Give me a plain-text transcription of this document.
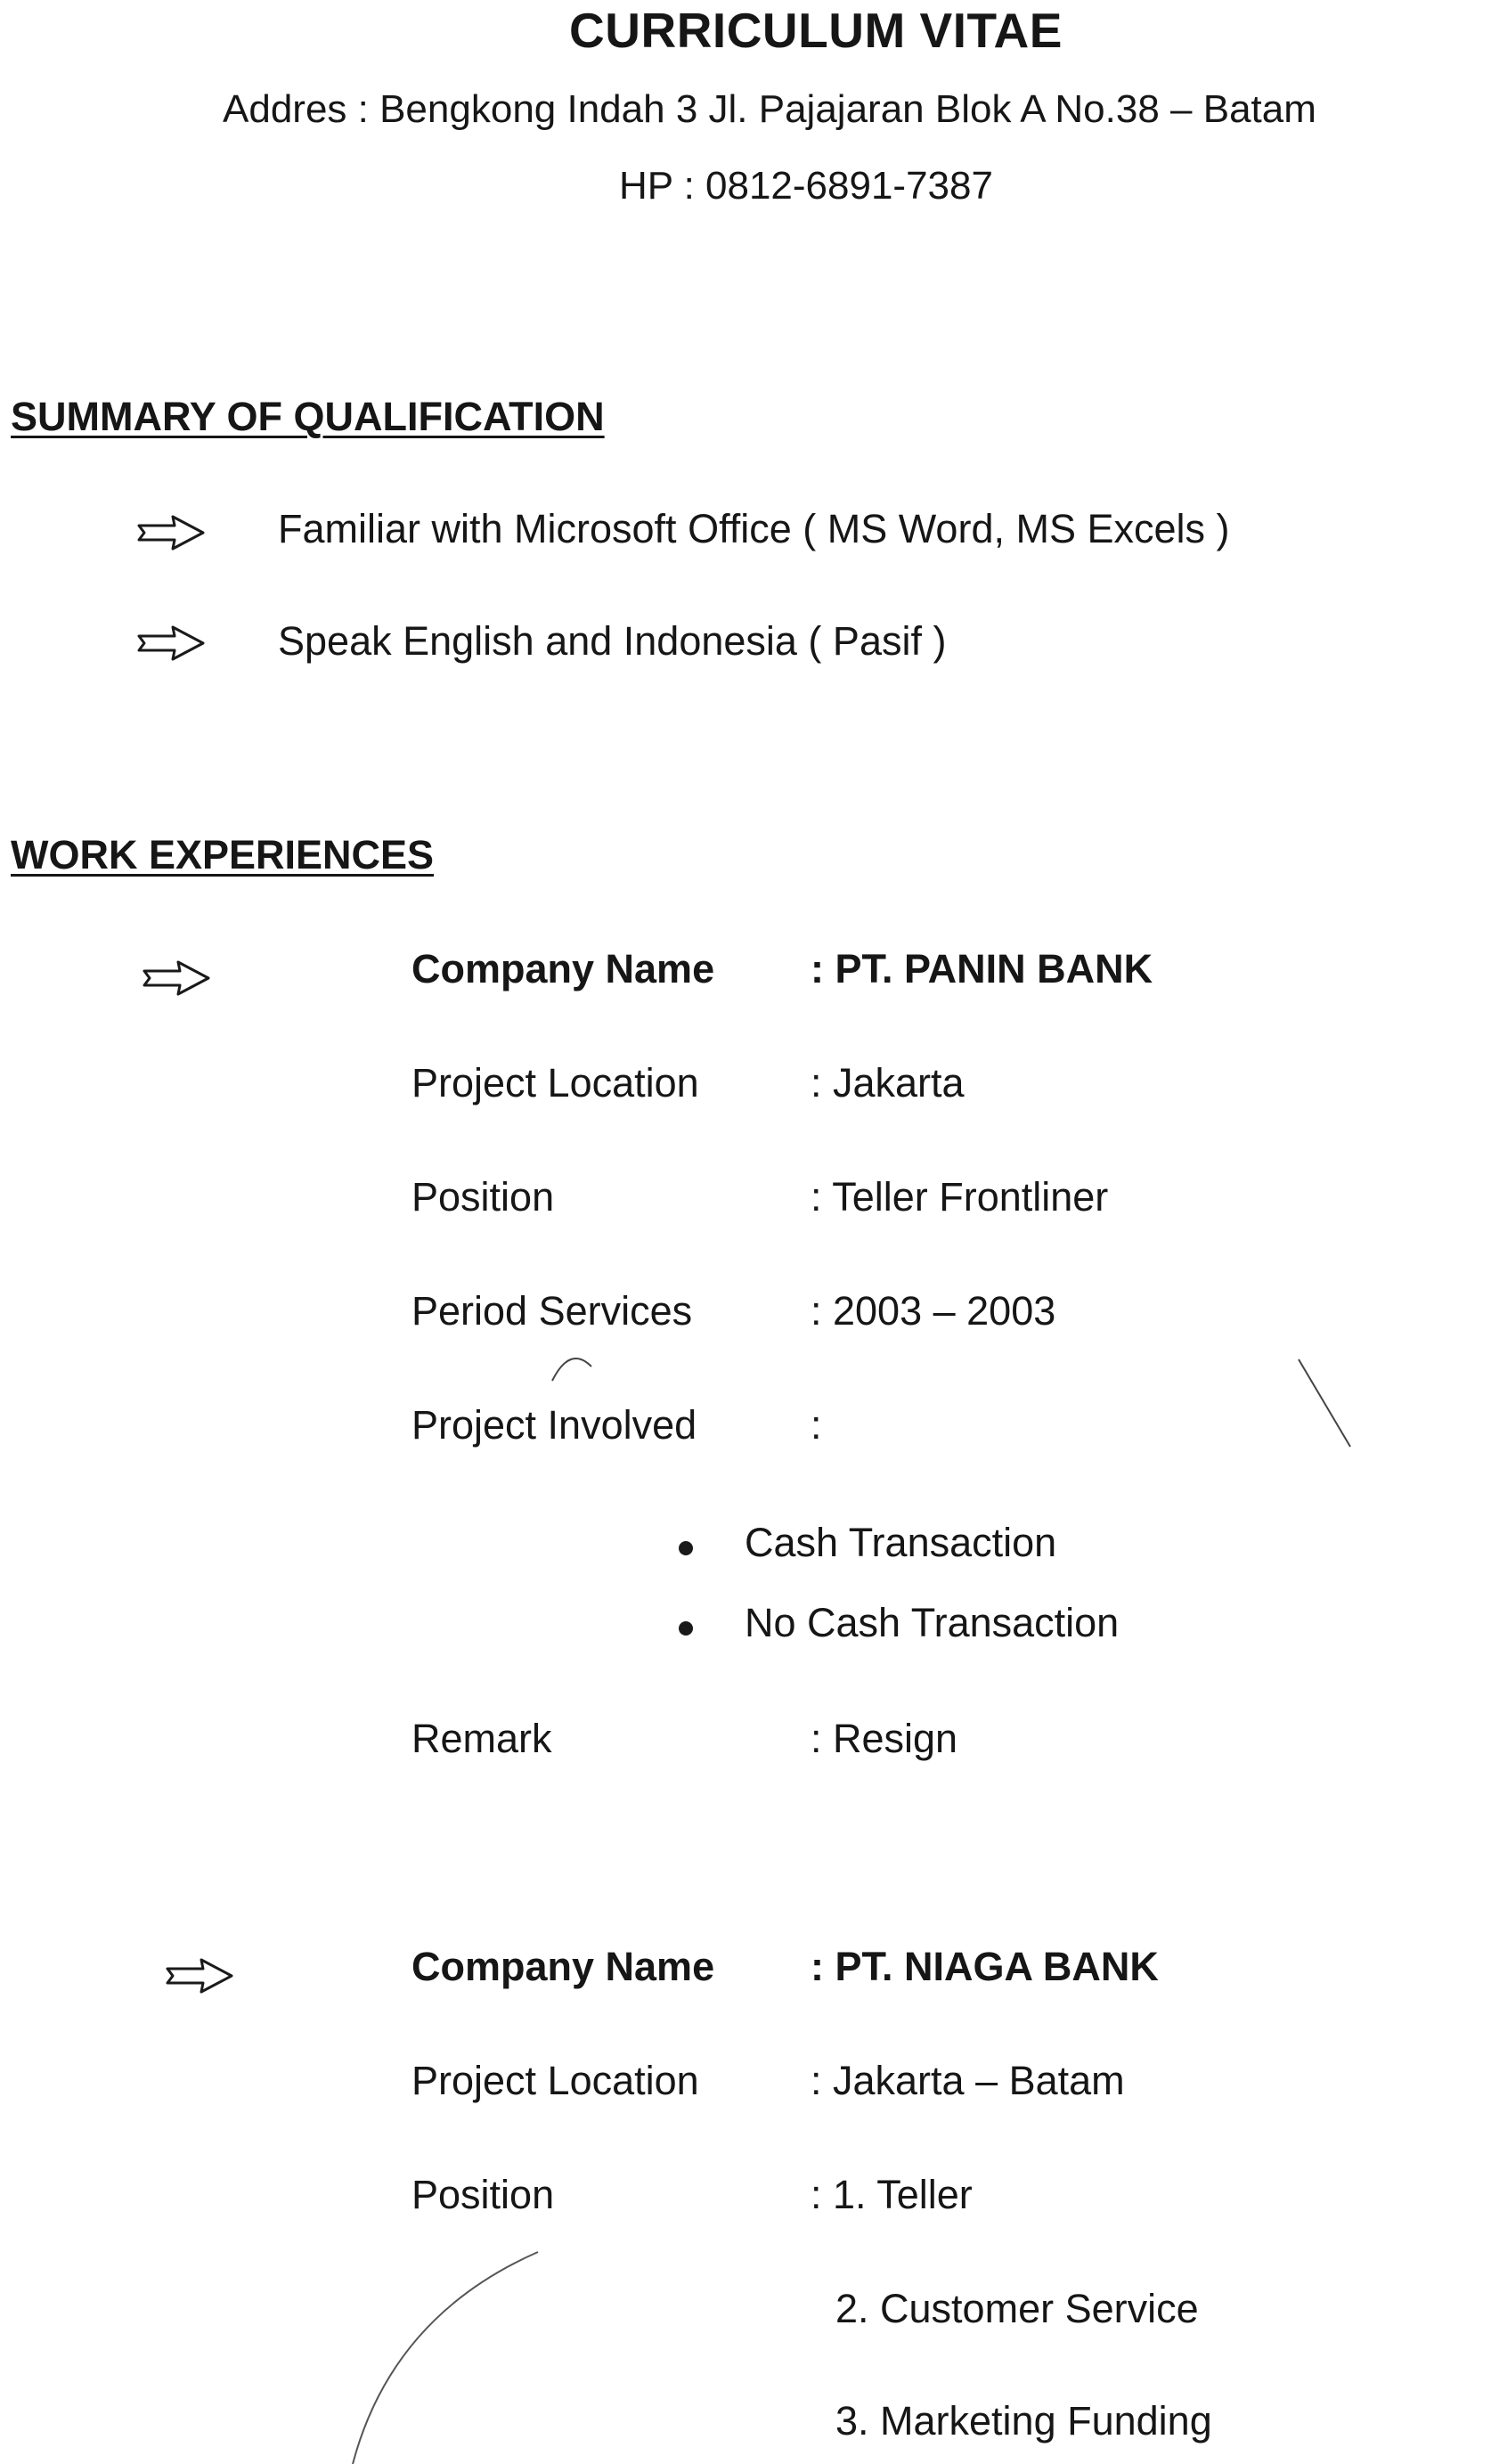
CURRICULUM VITAE
Addres : Bengkong Indah 3 Jl. Pajajaran Blok A No.38 – Batam
HP : 0812-6891-7387
SUMMARY OF QUALIFICATION
Familiar with Microsoft Office ( MS Word, MS Excels )
Speak English and Indonesia ( Pasif )
WORK EXPERIENCES
Company Name : PT. PANIN BANK
Project Location	: Jakarta
Position	: Teller Frontliner
Period Services	: 2003 – 2003
Project Involved	:
Cash Transaction
No Cash Transaction
Remark	: Resign
Company Name : PT. NIAGA BANK
Project Location	: Jakarta – Batam
Position	: 1. Teller
2. Customer Service
3. Marketing Funding
